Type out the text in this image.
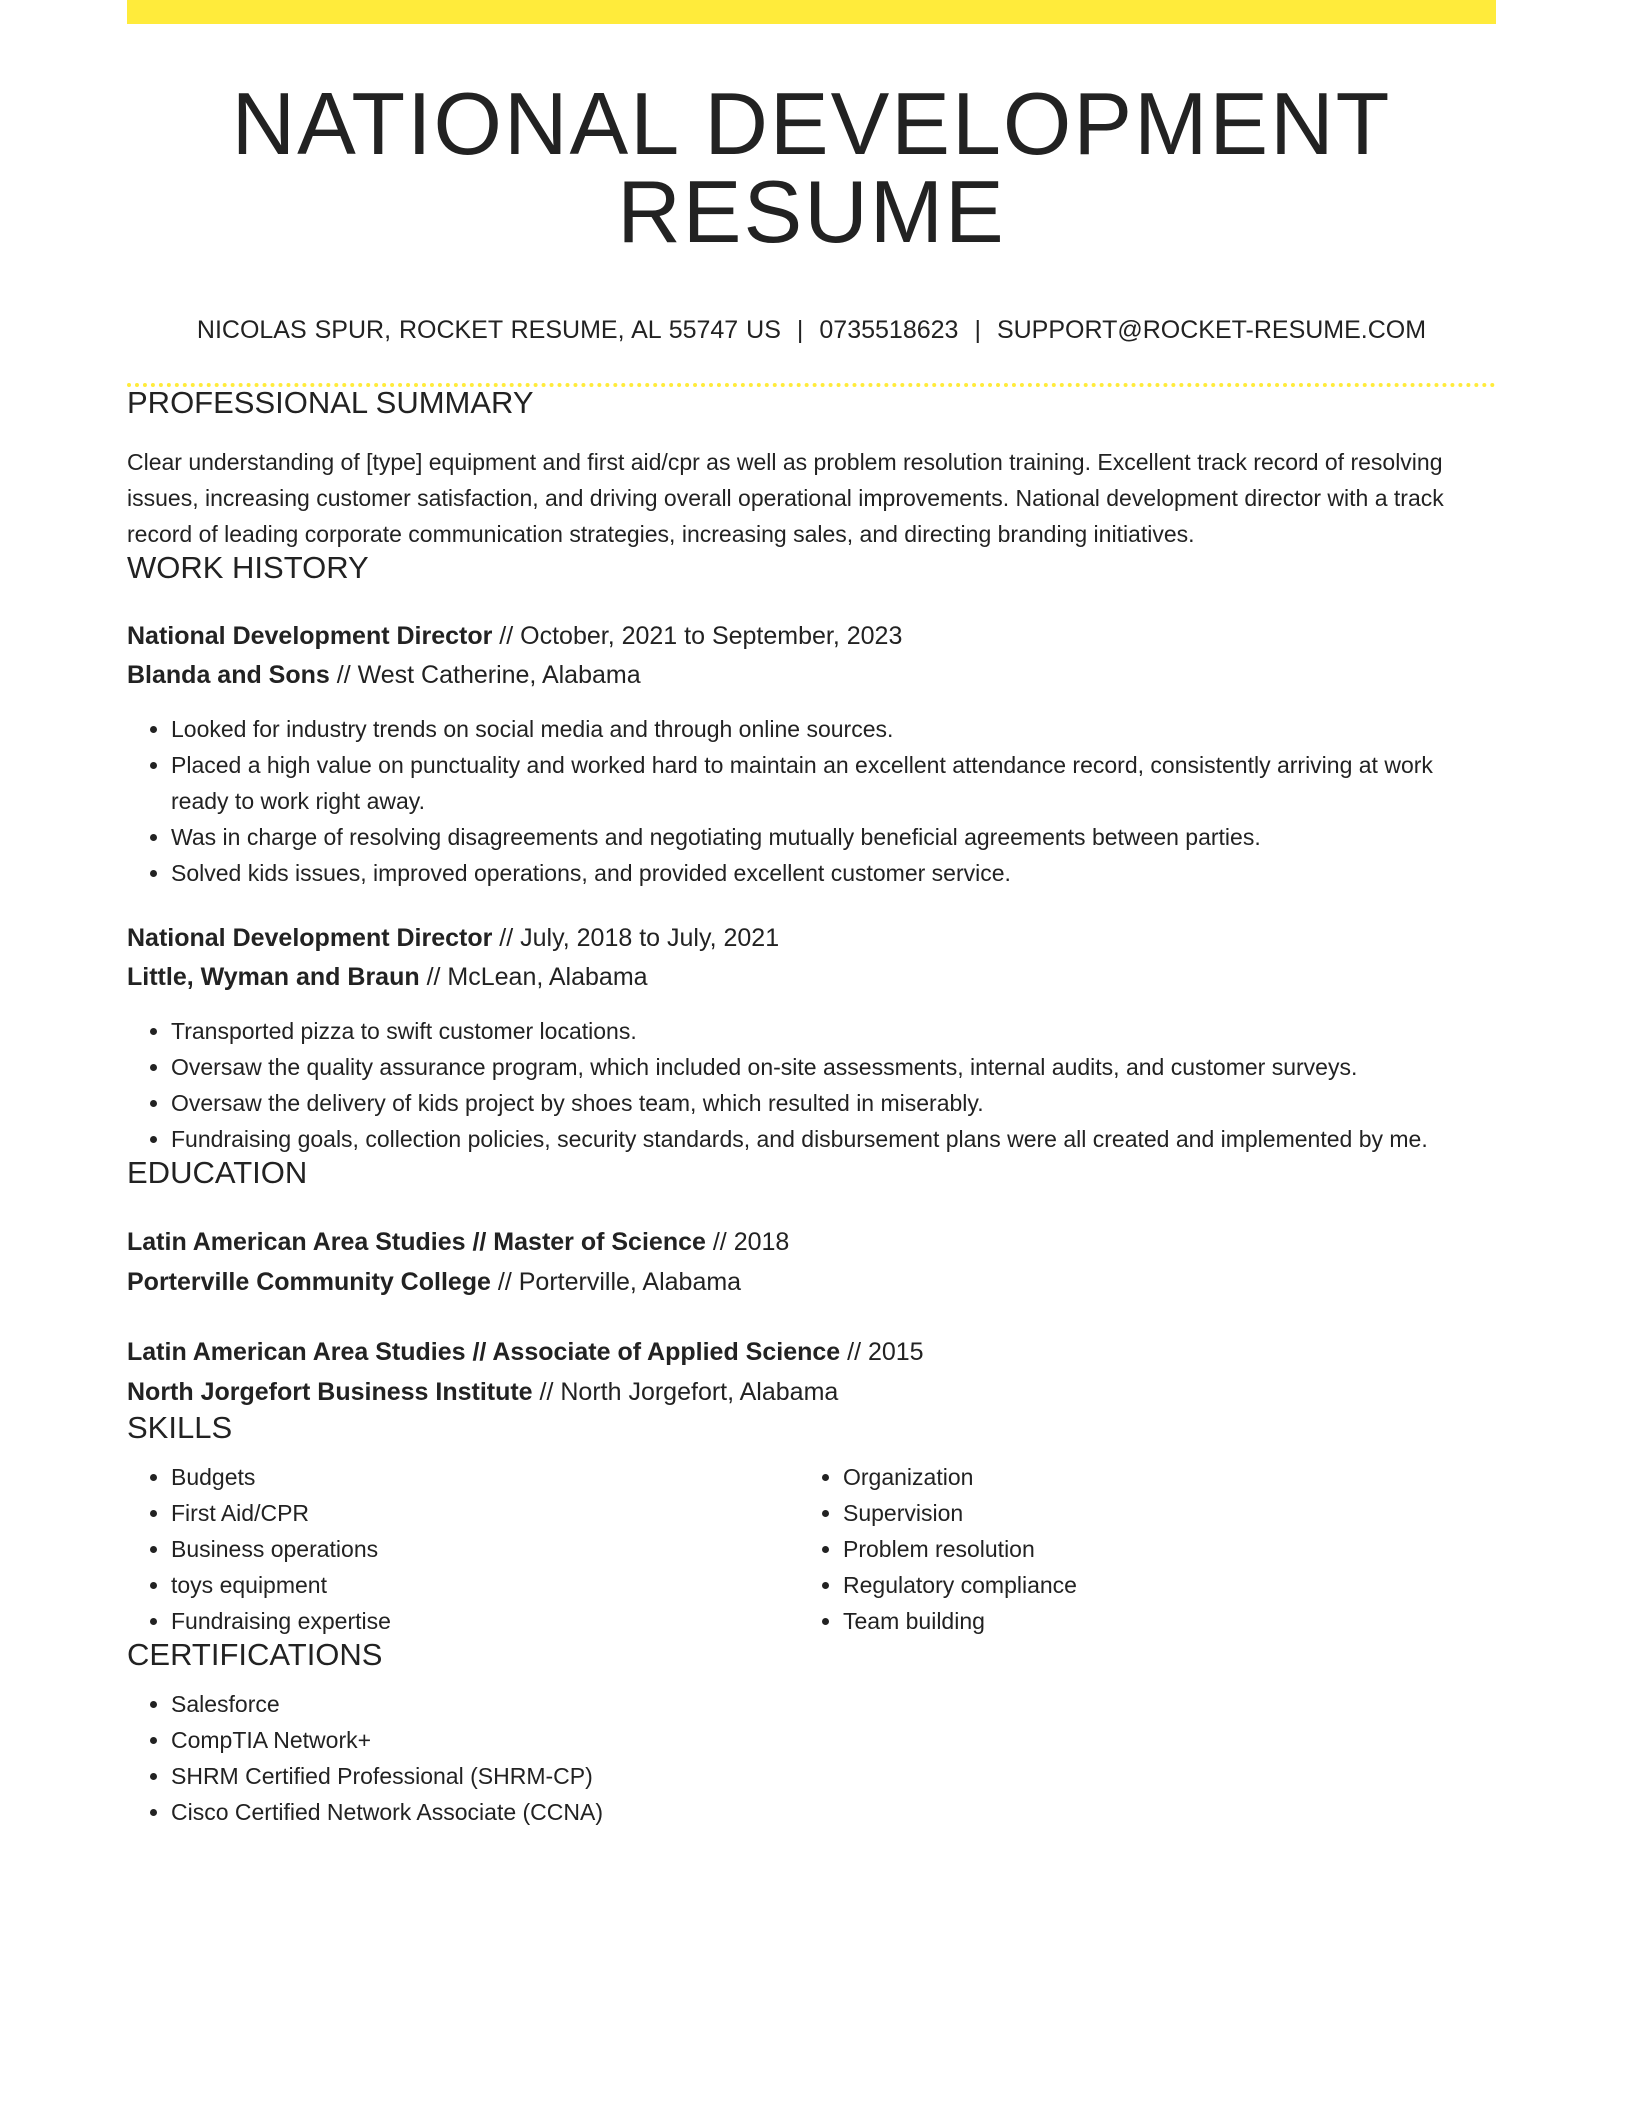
NATIONAL DEVELOPMENT RESUME
NICOLAS SPUR, ROCKET RESUME, AL 55747 US | 0735518623 | SUPPORT@ROCKET-RESUME.COM
PROFESSIONAL SUMMARY

Clear understanding of [type] equipment and first aid/cpr as well as problem resolution training. Excellent track record of resolving issues, increasing customer satisfaction, and driving overall operational improvements. National development director with a track record of leading corporate communication strategies, increasing sales, and directing branding initiatives.

WORK HISTORY
National Development Director // October, 2021 to September, 2023
Blanda and Sons // West Catherine, Alabama
• Looked for industry trends on social media and through online sources.
• Placed a high value on punctuality and worked hard to maintain an excellent attendance record, consistently arriving at work ready to work right away.
• Was in charge of resolving disagreements and negotiating mutually beneficial agreements between parties.
• Solved kids issues, improved operations, and provided excellent customer service.
National Development Director // July, 2018 to July, 2021
Little, Wyman and Braun // McLean, Alabama
• Transported pizza to swift customer locations.
• Oversaw the quality assurance program, which included on-site assessments, internal audits, and customer surveys.
• Oversaw the delivery of kids project by shoes team, which resulted in miserably.
• Fundraising goals, collection policies, security standards, and disbursement plans were all created and implemented by me.
EDUCATION
Latin American Area Studies // Master of Science // 2018
Porterville Community College // Porterville, Alabama
Latin American Area Studies // Associate of Applied Science // 2015
North Jorgefort Business Institute // North Jorgefort, Alabama
SKILLS
• Budgets
• First Aid/CPR
• Business operations
• toys equipment
• Fundraising expertise
• Organization
• Supervision
• Problem resolution
• Regulatory compliance
• Team building
CERTIFICATIONS
• Salesforce
• CompTIA Network+
• SHRM Certified Professional (SHRM-CP)
• Cisco Certified Network Associate (CCNA)
